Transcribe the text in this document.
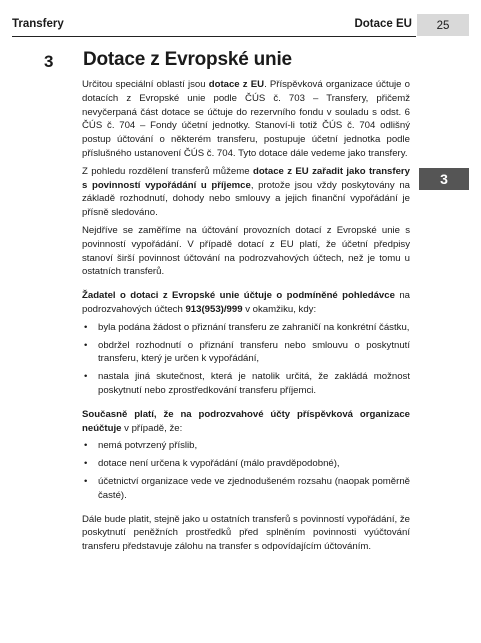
Transfery	Dotace EU	25
3
3 Dotace z Evropské unie

Určitou speciální oblastí jsou dotace z EU. Příspěvková organizace účtuje o dotacích z Evropské unie podle ČÚS č. 703 – Transfery, přičemž nevyčerpaná část dotace se účtuje do rezervního fondu v souladu s odst. 6 ČÚS č. 704 – Fondy účetní jednotky. Stanoví-li totiž ČÚS č. 704 odlišný postup účtování o některém transferu, postupuje účetní jednotka podle příslušného ustanovení ČÚS č. 704. Tyto dotace dále vedeme jako transfery.

Z pohledu rozdělení transferů můžeme dotace z EU zařadit jako transfery s povinností vypořádání u příjemce, protože jsou vždy poskytovány na základě rozhodnutí, dohody nebo smlouvy a jejich finanční vypořádání je přísně sledováno.

Nejdříve se zaměříme na účtování provozních dotací z Evropské unie s povinností vypořádání. V případě dotací z EU platí, že účetní předpisy stanoví širší povinnost účtování na podrozvahových účtech, než je tomu u ostatních transferů.

Žadatel o dotaci z Evropské unie účtuje o podmíněné pohledávce na podrozvahových účtech 913(953)/999 v okamžiku, kdy:

• byla podána žádost o přiznání transferu ze zahraničí na konkrétní částku,
• obdržel rozhodnutí o přiznání transferu nebo smlouvu o poskytnutí transferu, který je určen k vypořádání,
• nastala jiná skutečnost, která je natolik určitá, že zakládá možnost poskytnutí nebo zprostředkování transferu příjemci.

Současně platí, že na podrozvahové účty příspěvková organizace neúčtuje v případě, že:

• nemá potvrzený příslib,
• dotace není určena k vypořádání (málo pravděpodobné),
• účetnictví organizace vede ve zjednodušeném rozsahu (naopak poměrně časté).

Dále bude platit, stejně jako u ostatních transferů s povinností vypořádání, že poskytnutí peněžních prostředků před splněním povinnosti vyúčtování transferu představuje zálohu na transfer s odpovídajícím účtováním.
